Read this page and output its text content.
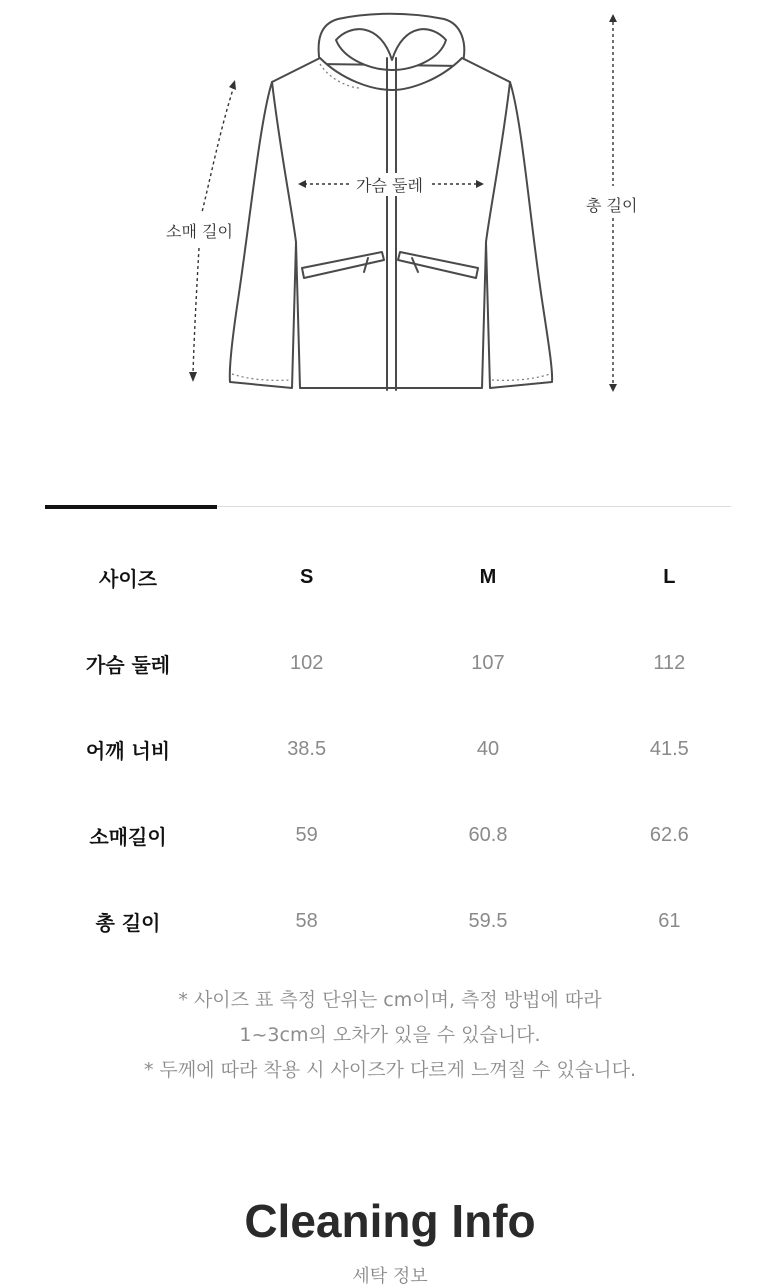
가슴 둘레
소매 길이
총 길이
사이즈	S	M	L
가슴 둘레	102	107	112
어깨 너비	38.5	40	41.5
소매길이	59	60.8	62.6
총 길이	58	59.5	61
* 사이즈 표 측정 단위는 cm이며, 측정 방법에 따라
1~3cm의 오차가 있을 수 있습니다.
* 두께에 따라 착용 시 사이즈가 다르게 느껴질 수 있습니다.
Cleaning Info
세탁 정보
